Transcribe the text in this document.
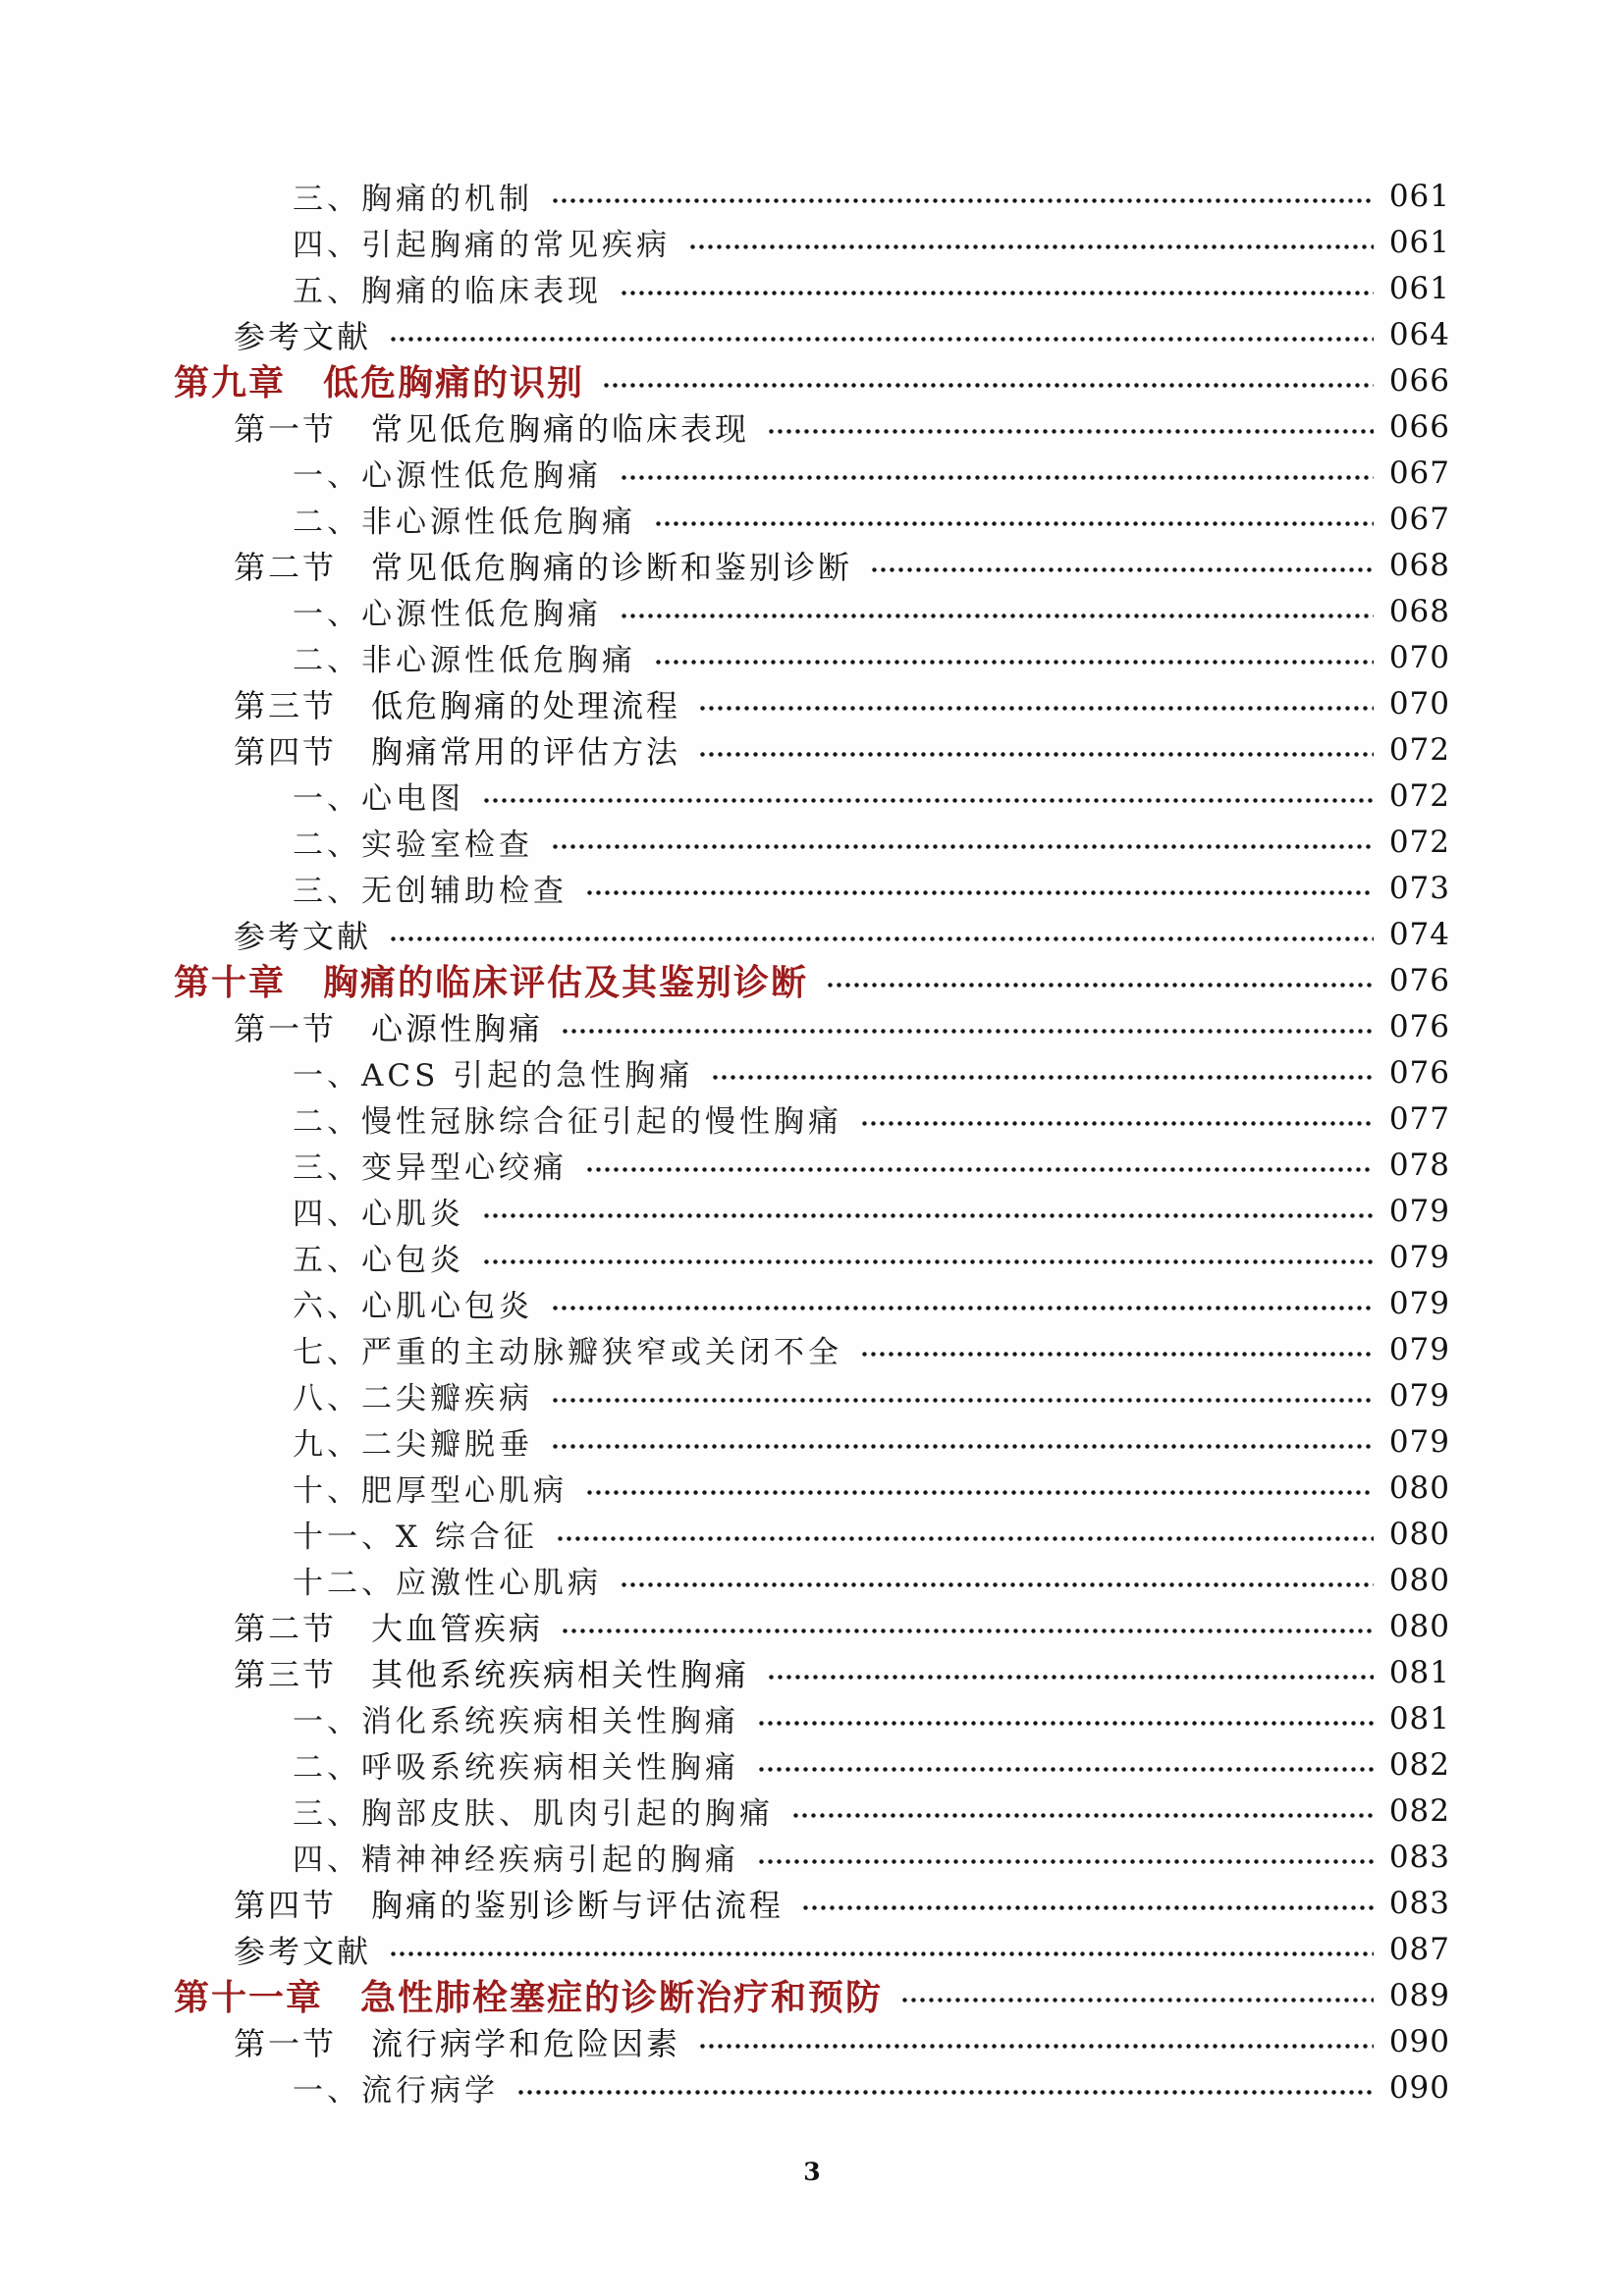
三、胸痛的机制	061
四、引起胸痛的常见疾病	061
五、胸痛的临床表现	061
参考文献	064
第九章　低危胸痛的识别	066
第一节　常见低危胸痛的临床表现	066
一、心源性低危胸痛	067
二、非心源性低危胸痛	067
第二节　常见低危胸痛的诊断和鉴别诊断	068
一、心源性低危胸痛	068
二、非心源性低危胸痛	070
第三节　低危胸痛的处理流程	070
第四节　胸痛常用的评估方法	072
一、心电图	072
二、实验室检查	072
三、无创辅助检查	073
参考文献	074
第十章　胸痛的临床评估及其鉴别诊断	076
第一节　心源性胸痛	076
一、ACS 引起的急性胸痛	076
二、慢性冠脉综合征引起的慢性胸痛	077
三、变异型心绞痛	078
四、心肌炎	079
五、心包炎	079
六、心肌心包炎	079
七、严重的主动脉瓣狭窄或关闭不全	079
八、二尖瓣疾病	079
九、二尖瓣脱垂	079
十、肥厚型心肌病	080
十一、X 综合征	080
十二、应激性心肌病	080
第二节　大血管疾病	080
第三节　其他系统疾病相关性胸痛	081
一、消化系统疾病相关性胸痛	081
二、呼吸系统疾病相关性胸痛	082
三、胸部皮肤、肌肉引起的胸痛	082
四、精神神经疾病引起的胸痛	083
第四节　胸痛的鉴别诊断与评估流程	083
参考文献	087
第十一章　急性肺栓塞症的诊断治疗和预防	089
第一节　流行病学和危险因素	090
一、流行病学	090
3
